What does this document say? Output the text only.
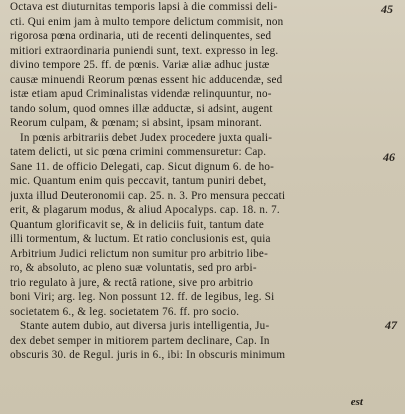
Octava est diuturnitas temporis lapsi à die commissi deli-
cti. Qui enim jam à multo tempore delictum commisit, non
rigorosa pœna ordinaria, uti de recenti delinquentes, sed
mitiori extraordinaria puniendi sunt, text. expresso in leg.
divino tempore 25. ff. de pœnis. Variæ aliæ adhuc justæ
causæ minuendi Reorum pœnas essent hic adducendæ, sed
istæ etiam apud Criminalistas videndæ relinquuntur, no-
tando solum, quod omnes illæ adductæ, si adsint, augent
Reorum culpam, & pœnam; si absint, ipsam minorant.
In pœnis arbitrariis debet Judex procedere juxta quali-
tatem delicti, ut sic pœna crimini commensuretur: Cap.
Sane 11. de officio Delegati, cap. Sicut dignum 6. de ho-
mic. Quantum enim quis peccavit, tantum puniri debet,
juxta illud Deuteronomii cap. 25. n. 3. Pro mensura peccati
erit, & plagarum modus, & aliud Apocalyps. cap. 18. n. 7.
Quantum glorificavit se, & in deliciis fuit, tantum date
illi tormentum, & luctum. Et ratio conclusionis est, quia
Arbitrium Judici relictum non sumitur pro arbitrio libe-
ro, & absoluto, ac pleno suæ voluntatis, sed pro arbi-
trio regulato à jure, & rectâ ratione, sive pro arbitrio
boni Viri; arg. leg. Non possunt 12. ff. de legibus, leg. Si
societatem 6., & leg. societatem 76. ff. pro socio.
Stante autem dubio, aut diversa juris intelligentia, Ju-
dex debet semper in mitiorem partem declinare, Cap. In
obscuris 30. de Regul. juris in 6., ibi: In obscuris minimum
45
46
47
est
